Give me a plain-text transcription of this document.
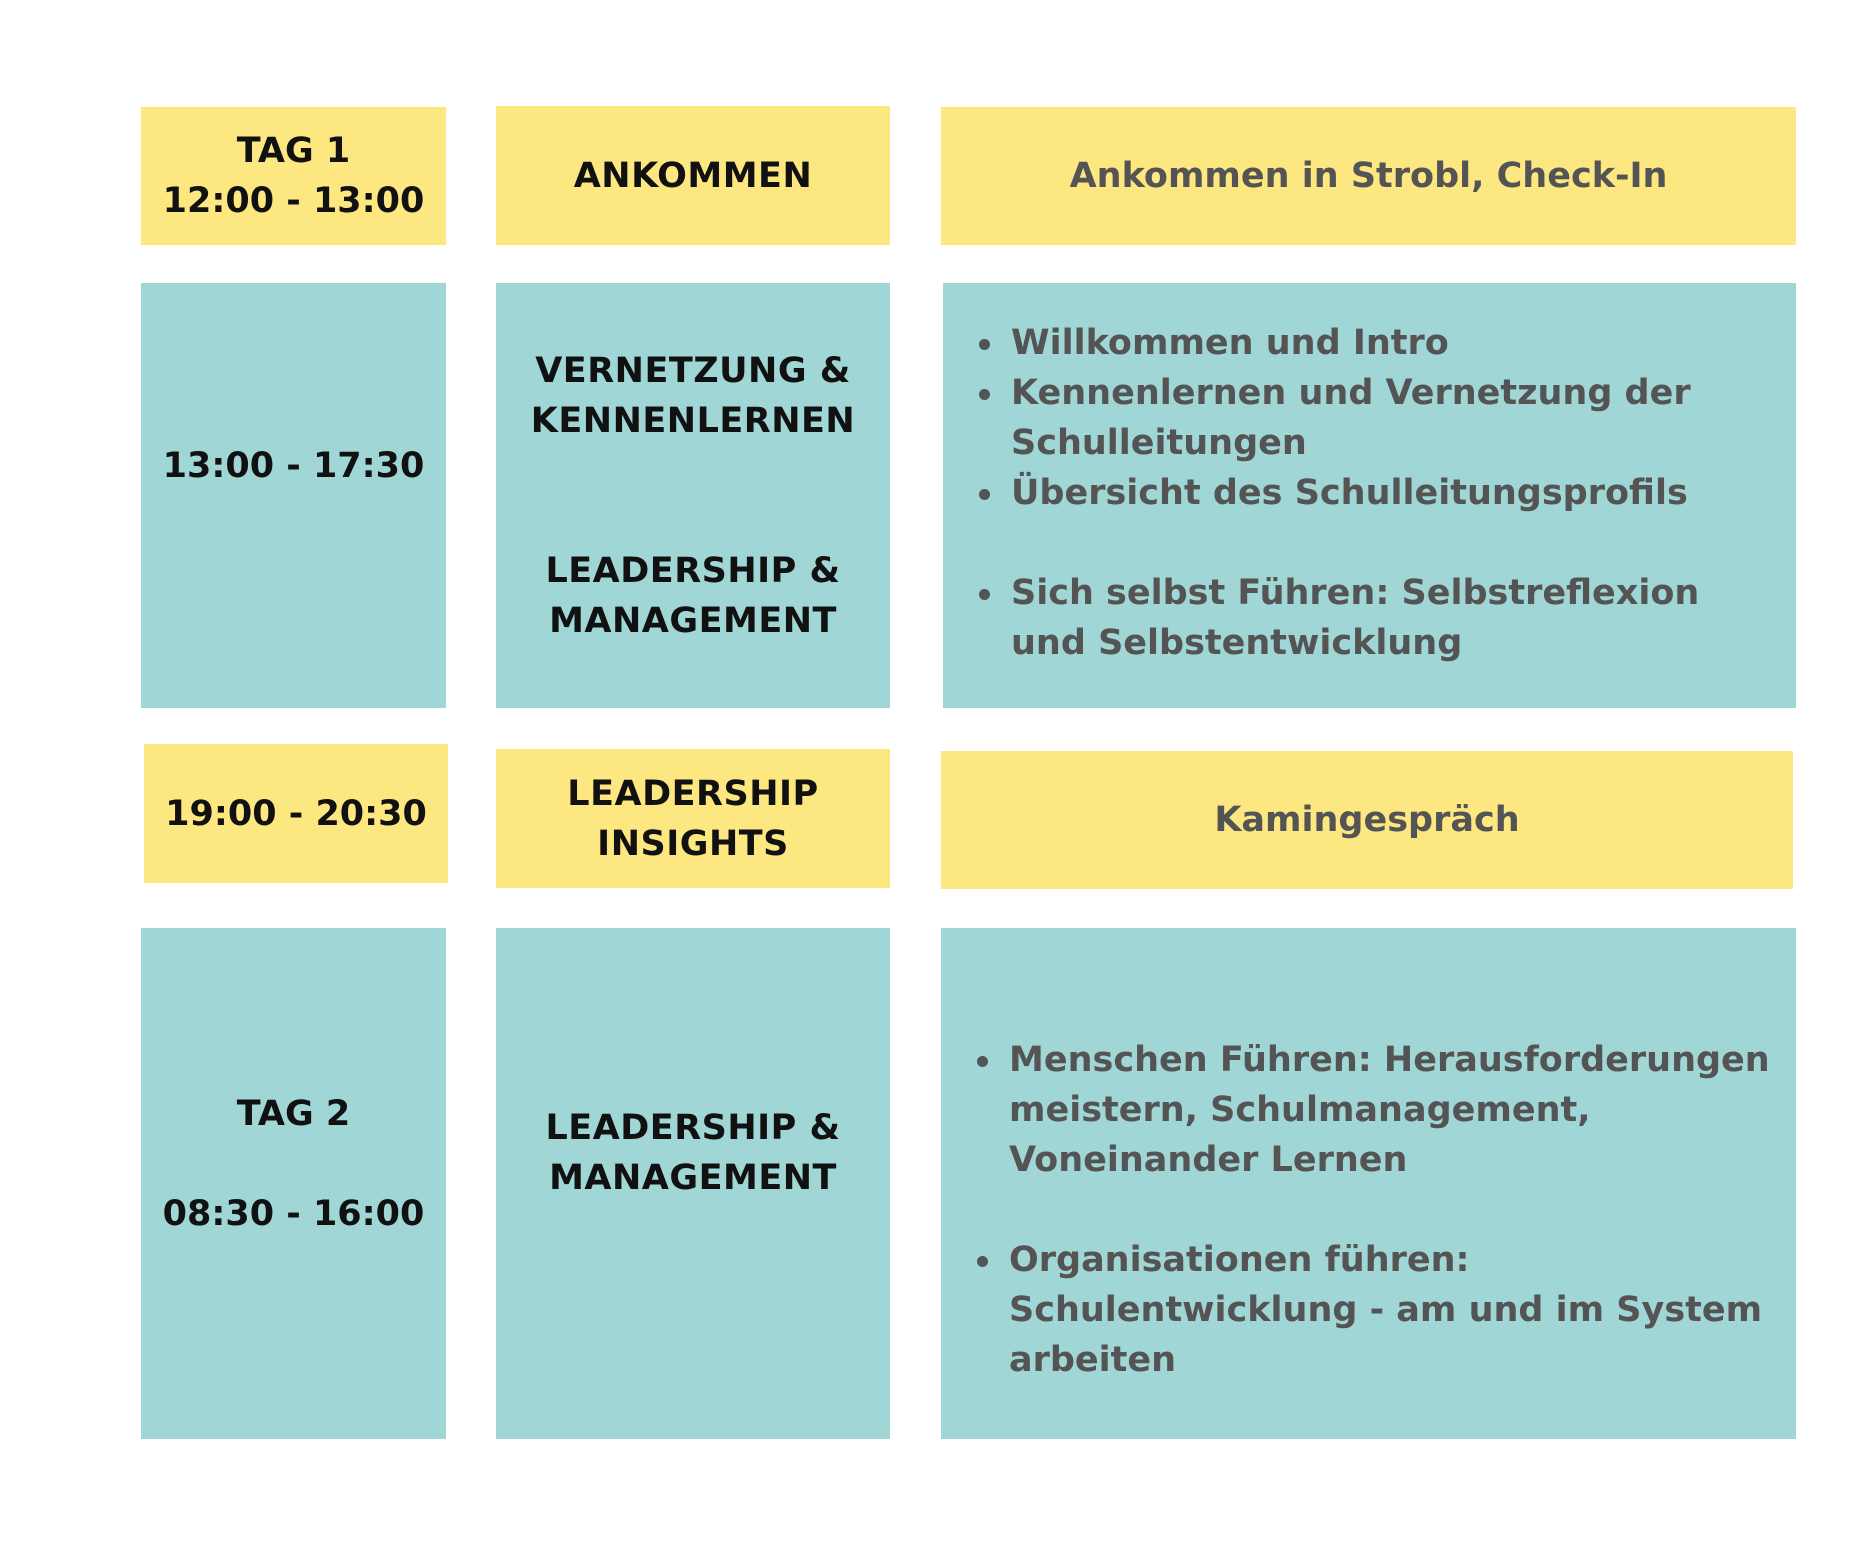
TAG 1
12:00 - 13:00
ANKOMMEN	Ankommen in Strobl, Check-In
13:00 - 17:30
VERNETZUNG &
KENNENLERNEN
LEADERSHIP &
MANAGEMENT
Willkommen und Intro
Kennenlernen und Vernetzung der Schulleitungen
Übersicht des Schulleitungsprofils
Sich selbst Führen: Selbstreflexion und Selbstentwicklung
19:00 - 20:30	LEADERSHIP
INSIGHTS
Kamingespräch
TAG 2
08:30 - 16:00
LEADERSHIP &
MANAGEMENT
Menschen Führen: Herausforderungen meistern, Schulmanagement, Voneinander Lernen
Organisationen führen: Schulentwicklung - am und im System arbeiten
